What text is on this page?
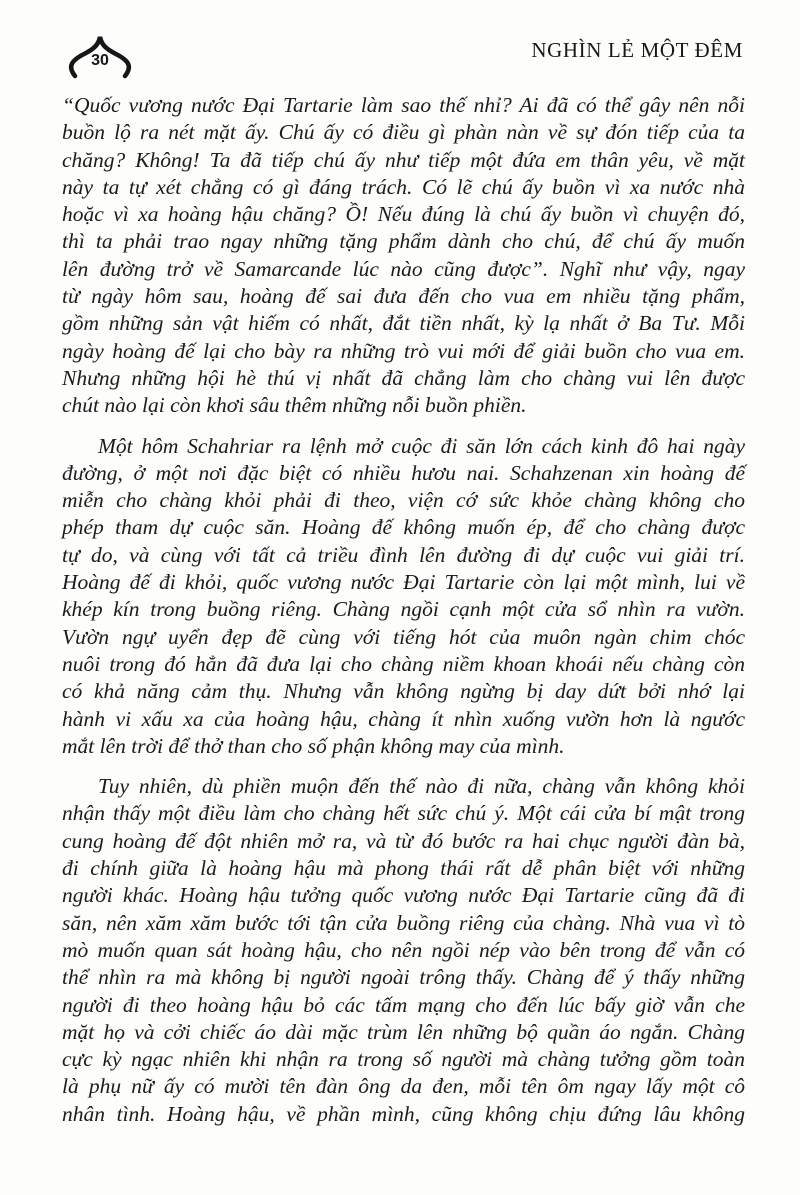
30	NGHÌN LẺ MỘT ĐÊM
“Quốc vương nước Đại Tartarie làm sao thế nhỉ? Ai đã có thể gây nên nỗi
buồn lộ ra nét mặt ấy. Chú ấy có điều gì phàn nàn về sự đón tiếp của ta
chăng? Không! Ta đã tiếp chú ấy như tiếp một đứa em thân yêu, về mặt
này ta tự xét chẳng có gì đáng trách. Có lẽ chú ấy buồn vì xa nước nhà
hoặc vì xa hoàng hậu chăng? Ồ! Nếu đúng là chú ấy buồn vì chuyện đó,
thì ta phải trao ngay những tặng phẩm dành cho chú, để chú ấy muốn
lên đường trở về Samarcande lúc nào cũng được”. Nghĩ như vậy, ngay
từ ngày hôm sau, hoàng đế sai đưa đến cho vua em nhiều tặng phẩm,
gồm những sản vật hiếm có nhất, đắt tiền nhất, kỳ lạ nhất ở Ba Tư. Mỗi
ngày hoàng đế lại cho bày ra những trò vui mới để giải buồn cho vua em.
Nhưng những hội hè thú vị nhất đã chẳng làm cho chàng vui lên được
chút nào lại còn khơi sâu thêm những nỗi buồn phiền.
Một hôm Schahriar ra lệnh mở cuộc đi săn lớn cách kinh đô hai ngày
đường, ở một nơi đặc biệt có nhiều hươu nai. Schahzenan xin hoàng đế
miễn cho chàng khỏi phải đi theo, viện cớ sức khỏe chàng không cho
phép tham dự cuộc săn. Hoàng đế không muốn ép, để cho chàng được
tự do, và cùng với tất cả triều đình lên đường đi dự cuộc vui giải trí.
Hoàng đế đi khỏi, quốc vương nước Đại Tartarie còn lại một mình, lui về
khép kín trong buồng riêng. Chàng ngồi cạnh một cửa sổ nhìn ra vườn.
Vườn ngự uyển đẹp đẽ cùng với tiếng hót của muôn ngàn chim chóc
nuôi trong đó hẳn đã đưa lại cho chàng niềm khoan khoái nếu chàng còn
có khả năng cảm thụ. Nhưng vẫn không ngừng bị day dứt bởi nhớ lại
hành vi xấu xa của hoàng hậu, chàng ít nhìn xuống vườn hơn là ngước
mắt lên trời để thở than cho số phận không may của mình.
Tuy nhiên, dù phiền muộn đến thế nào đi nữa, chàng vẫn không khỏi
nhận thấy một điều làm cho chàng hết sức chú ý. Một cái cửa bí mật trong
cung hoàng đế đột nhiên mở ra, và từ đó bước ra hai chục người đàn bà,
đi chính giữa là hoàng hậu mà phong thái rất dễ phân biệt với những
người khác. Hoàng hậu tưởng quốc vương nước Đại Tartarie cũng đã đi
săn, nên xăm xăm bước tới tận cửa buồng riêng của chàng. Nhà vua vì tò
mò muốn quan sát hoàng hậu, cho nên ngồi nép vào bên trong để vẫn có
thể nhìn ra mà không bị người ngoài trông thấy. Chàng để ý thấy những
người đi theo hoàng hậu bỏ các tấm mạng cho đến lúc bấy giờ vẫn che
mặt họ và cởi chiếc áo dài mặc trùm lên những bộ quần áo ngắn. Chàng
cực kỳ ngạc nhiên khi nhận ra trong số người mà chàng tưởng gồm toàn
là phụ nữ ấy có mười tên đàn ông da đen, mỗi tên ôm ngay lấy một cô
nhân tình. Hoàng hậu, về phần mình, cũng không chịu đứng lâu không
